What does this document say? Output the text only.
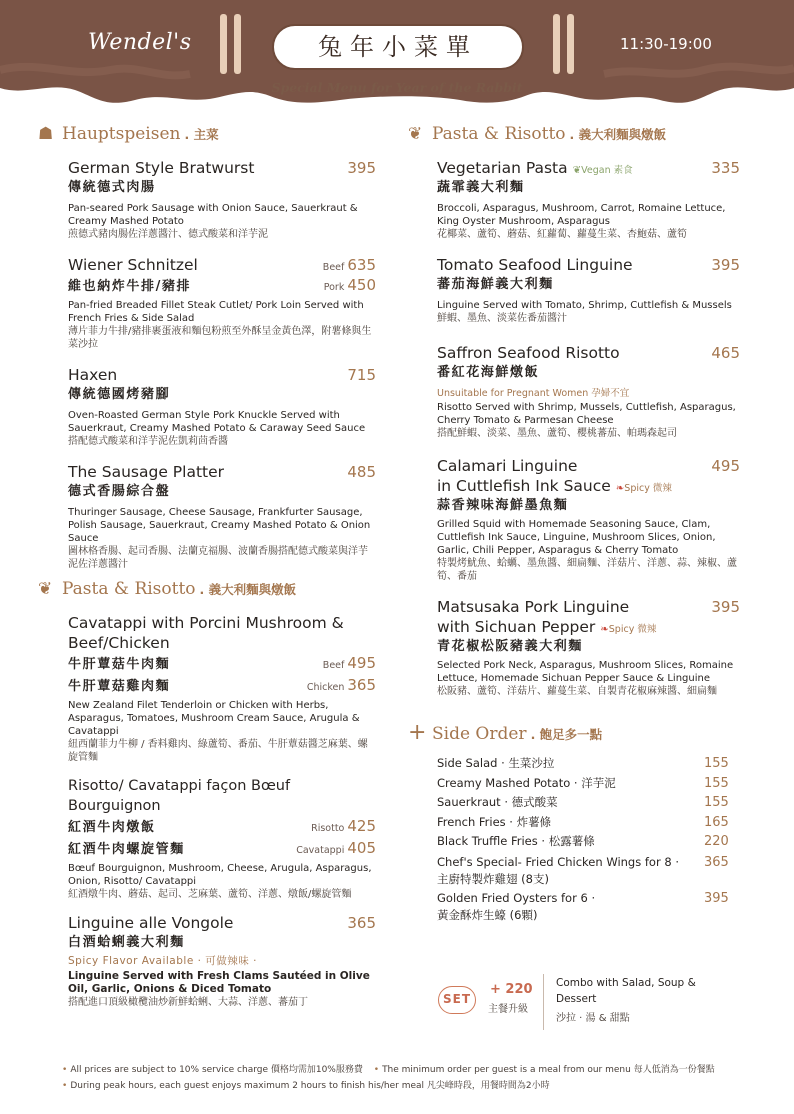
Wendel's	兔年小菜單	11:30-19:00
Special Menu for Year of the Rabbit
☗ Hauptspeisen . 主菜
German Style Bratwurst	395
傳統德式肉腸
Pan-seared Pork Sausage with Onion Sauce, Sauerkraut & Creamy Mashed Potato
煎德式豬肉腸佐洋蔥醬汁、德式酸菜和洋芋泥
Wiener Schnitzel	Beef 635
維也納炸牛排/豬排	Pork 450
Pan-fried Breaded Fillet Steak Cutlet/ Pork Loin Served with French Fries & Side Salad
薄片菲力牛排/豬排裹蛋液和麵包粉煎至外酥呈金黃色澤，附薯條與生菜沙拉
Haxen	715
傳統德國烤豬腳
Oven-Roasted German Style Pork Knuckle Served with Sauerkraut, Creamy Mashed Potato & Caraway Seed Sauce
搭配德式酸菜和洋芋泥佐凱莉茴香醬
The Sausage Platter	485
德式香腸綜合盤
Thuringer Sausage, Cheese Sausage, Frankfurter Sausage, Polish Sausage, Sauerkraut, Creamy Mashed Potato & Onion Sauce
圖林格香腸、起司香腸、法蘭克福腸、波蘭香腸搭配德式酸菜與洋芋泥佐洋蔥醬汁
❦ Pasta & Risotto . 義大利麵與燉飯
Cavatappi with Porcini Mushroom & Beef/Chicken
牛肝蕈菇牛肉麵	Beef 495
牛肝蕈菇雞肉麵	Chicken 365
New Zealand Filet Tenderloin or Chicken with Herbs, Asparagus, Tomatoes, Mushroom Cream Sauce, Arugula & Cavatappi
紐西蘭菲力牛柳 / 香料雞肉、綠蘆筍、番茄、牛肝蕈菇醬芝麻葉、螺旋管麵
Risotto/ Cavatappi façon Bœuf Bourguignon
紅酒牛肉燉飯	Risotto 425
紅酒牛肉螺旋管麵	Cavatappi 405
Bœuf Bourguignon, Mushroom, Cheese, Arugula, Asparagus, Onion, Risotto/ Cavatappi
紅酒燉牛肉、蘑菇、起司、芝麻葉、蘆筍、洋蔥、燉飯/螺旋管麵
Linguine alle Vongole	365
白酒蛤蜊義大利麵
Spicy Flavor Available · 可做辣味 ·
Linguine Served with Fresh Clams Sautéed in Olive Oil, Garlic, Onions & Diced Tomato
搭配進口頂級橄欖油炒新鮮蛤蜊、大蒜、洋蔥、蕃茄丁
❦ Pasta & Risotto . 義大利麵與燉飯
Vegetarian Pasta ❦Vegan 素食	335
蔬霏義大利麵
Broccoli, Asparagus, Mushroom, Carrot, Romaine Lettuce, King Oyster Mushroom, Asparagus
花椰菜、蘆筍、蘑菇、紅蘿蔔、蘿蔓生菜、杏鮑菇、蘆筍
Tomato Seafood Linguine	395
蕃茄海鮮義大利麵
Linguine Served with Tomato, Shrimp, Cuttlefish & Mussels
鮮蝦、墨魚、淡菜佐番茄醬汁
Saffron Seafood Risotto	465
番紅花海鮮燉飯
Unsuitable for Pregnant Women 孕婦不宜
Risotto Served with Shrimp, Mussels, Cuttlefish, Asparagus, Cherry Tomato & Parmesan Cheese
搭配鮮蝦、淡菜、墨魚、蘆筍、櫻桃蕃茄、帕瑪森起司
Calamari Linguine	495
in Cuttlefish Ink Sauce ❧Spicy 微辣
蒜香辣味海鮮墨魚麵
Grilled Squid with Homemade Seasoning Sauce, Clam, Cuttlefish Ink Sauce, Linguine, Mushroom Slices, Onion, Garlic, Chili Pepper, Asparagus & Cherry Tomato
特製烤魷魚、蛤蠣、墨魚醬、細扁麵、洋菇片、洋蔥、蒜、辣椒、蘆筍、番茄
Matsusaka Pork Linguine	395
with Sichuan Pepper ❧Spicy 微辣
青花椒松阪豬義大利麵
Selected Pork Neck, Asparagus, Mushroom Slices, Romaine Lettuce, Homemade Sichuan Pepper Sauce & Linguine
松阪豬、蘆筍、洋菇片、蘿蔓生菜、自製青花椒麻辣醬、細扁麵
+ Side Order . 飽足多一點
Side Salad · 生菜沙拉	155
Creamy Mashed Potato · 洋芋泥	155
Sauerkraut · 德式酸菜	155
French Fries · 炸薯條	165
Black Truffle Fries · 松露薯條	220
Chef's Special- Fried Chicken Wings for 8 ·
主廚特製炸雞翅 (8支)
365
Golden Fried Oysters for 6 ·
黃金酥炸生蠔 (6顆)
395
SET
+ 220
主餐升級
Combo with Salad, Soup & Dessert
沙拉 · 湯 & 甜點
• All prices are subject to 10% service charge 價格均需加10%服務費 • The minimum order per guest is a meal from our menu 每人低消為一份餐點
• During peak hours, each guest enjoys maximum 2 hours to finish his/her meal 凡尖峰時段，用餐時間為2小時
